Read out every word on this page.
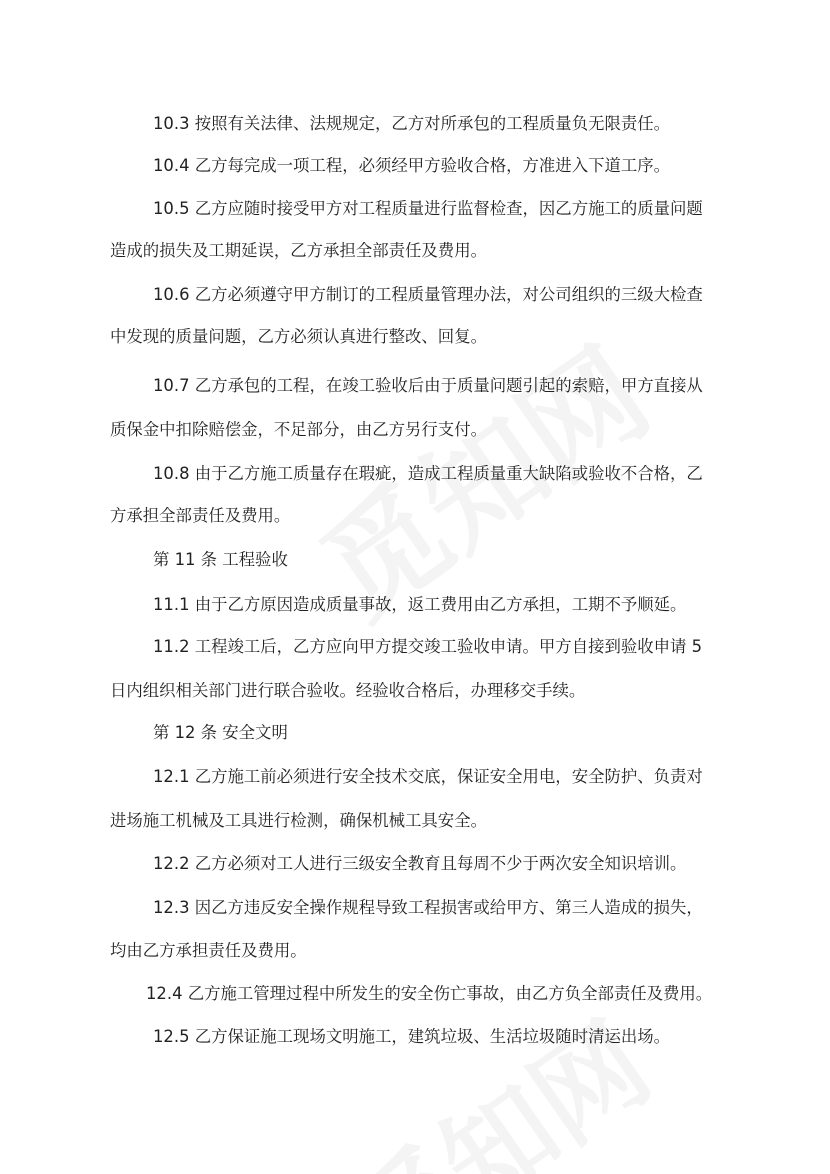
10.3 按照有关法律、法规规定，乙方对所承包的工程质量负无限责任。

10.4 乙方每完成一项工程，必须经甲方验收合格，方准进入下道工序。

10.5 乙方应随时接受甲方对工程质量进行监督检查，因乙方施工的质量问题

造成的损失及工期延误，乙方承担全部责任及费用。

10.6 乙方必须遵守甲方制订的工程质量管理办法，对公司组织的三级大检查

中发现的质量问题，乙方必须认真进行整改、回复。

10.7 乙方承包的工程，在竣工验收后由于质量问题引起的索赔，甲方直接从

质保金中扣除赔偿金，不足部分，由乙方另行支付。

10.8 由于乙方施工质量存在瑕疵，造成工程质量重大缺陷或验收不合格，乙

方承担全部责任及费用。

第 11 条 工程验收

11.1 由于乙方原因造成质量事故，返工费用由乙方承担，工期不予顺延。

11.2 工程竣工后，乙方应向甲方提交竣工验收申请。甲方自接到验收申请 5

日内组织相关部门进行联合验收。经验收合格后，办理移交手续。

第 12 条 安全文明

12.1 乙方施工前必须进行安全技术交底，保证安全用电，安全防护、负责对

进场施工机械及工具进行检测，确保机械工具安全。

12.2 乙方必须对工人进行三级安全教育且每周不少于两次安全知识培训。

12.3 因乙方违反安全操作规程导致工程损害或给甲方、第三人造成的损失，

均由乙方承担责任及费用。

12.4 乙方施工管理过程中所发生的安全伤亡事故，由乙方负全部责任及费用。

12.5 乙方保证施工现场文明施工，建筑垃圾、生活垃圾随时清运出场。
